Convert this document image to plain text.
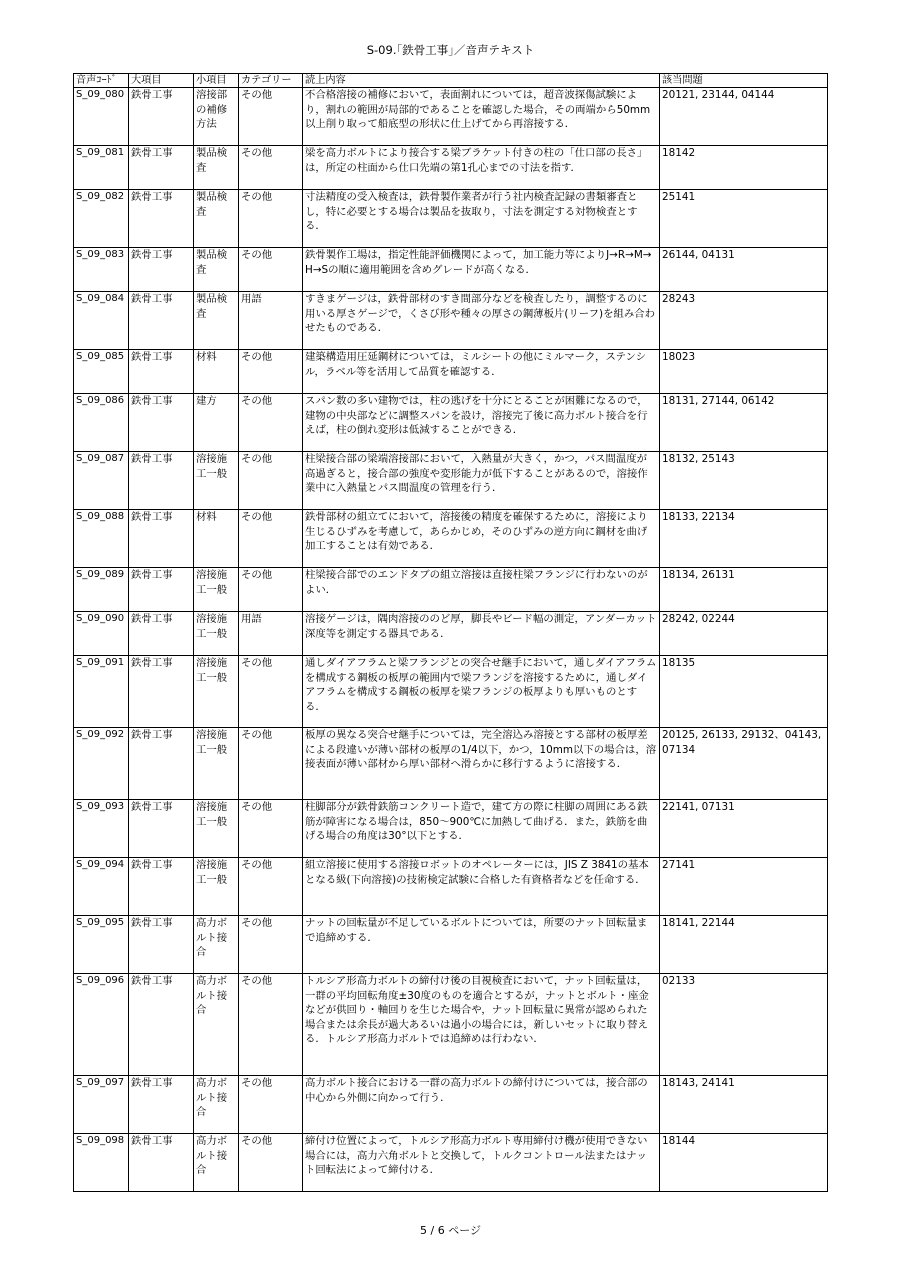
S-09.｢鉄骨工事｣／音声テキスト
音声ｺｰﾄﾞ	大項目	小項目	カテゴリー	読上内容	該当問題
S_09_080	鉄骨工事	溶接部の補修方法	その他	不合格溶接の補修において，表面割れについては，超音波探傷試験により，割れの範囲が局部的であることを確認した場合，その両端から50mm以上削り取って船底型の形状に仕上げてから再溶接する．	20121, 23144, 04144
S_09_081	鉄骨工事	製品検査	その他	梁を高力ボルトにより接合する梁ブラケット付きの柱の「仕口部の長さ」は，所定の柱面から仕口先端の第1孔心までの寸法を指す．	18142
S_09_082	鉄骨工事	製品検査	その他	寸法精度の受入検査は，鉄骨製作業者が行う社内検査記録の書類審査とし，特に必要とする場合は製品を抜取り，寸法を測定する対物検査とする．	25141
S_09_083	鉄骨工事	製品検査	その他	鉄骨製作工場は，指定性能評価機関によって，加工能力等によりJ→R→M→H→Sの順に適用範囲を含めグレードが高くなる．	26144, 04131
S_09_084	鉄骨工事	製品検査	用語	すきまゲージは，鉄骨部材のすき間部分などを検査したり，調整するのに用いる厚さゲージで，くさび形や種々の厚さの鋼薄板片(リーフ)を組み合わせたものである．	28243
S_09_085	鉄骨工事	材料	その他	建築構造用圧延鋼材については，ミルシートの他にミルマーク，ステンシル，ラベル等を活用して品質を確認する．	18023
S_09_086	鉄骨工事	建方	その他	スパン数の多い建物では，柱の逃げを十分にとることが困難になるので，建物の中央部などに調整スパンを設け，溶接完了後に高力ボルト接合を行えば，柱の倒れ変形は低減することができる．	18131, 27144, 06142
S_09_087	鉄骨工事	溶接施工一般	その他	柱梁接合部の梁端溶接部において，入熱量が大きく，かつ，パス間温度が高過ぎると，接合部の強度や変形能力が低下することがあるので，溶接作業中に入熱量とパス間温度の管理を行う．	18132, 25143
S_09_088	鉄骨工事	材料	その他	鉄骨部材の組立てにおいて，溶接後の精度を確保するために，溶接により生じるひずみを考慮して，あらかじめ，そのひずみの逆方向に鋼材を曲げ加工することは有効である．	18133, 22134
S_09_089	鉄骨工事	溶接施工一般	その他	柱梁接合部でのエンドタブの組立溶接は直接柱梁フランジに行わないのがよい．	18134, 26131
S_09_090	鉄骨工事	溶接施工一般	用語	溶接ゲージは，隅肉溶接ののど厚，脚長やビード幅の測定，アンダーカット深度等を測定する器具である．	28242, 02244
S_09_091	鉄骨工事	溶接施工一般	その他	通しダイアフラムと梁フランジとの突合せ継手において，通しダイアフラムを構成する鋼板の板厚の範囲内で梁フランジを溶接するために，通しダイアフラムを構成する鋼板の板厚を梁フランジの板厚よりも厚いものとする．	18135
S_09_092	鉄骨工事	溶接施工一般	その他	板厚の異なる突合せ継手については，完全溶込み溶接とする部材の板厚差による段違いが薄い部材の板厚の1/4以下，かつ，10mm以下の場合は，溶接表面が薄い部材から厚い部材へ滑らかに移行するように溶接する．	20125, 26133, 29132、04143, 07134
S_09_093	鉄骨工事	溶接施工一般	その他	柱脚部分が鉄骨鉄筋コンクリート造で，建て方の際に柱脚の周囲にある鉄筋が障害になる場合は，850～900℃に加熱して曲げる．また，鉄筋を曲げる場合の角度は30°以下とする．	22141, 07131
S_09_094	鉄骨工事	溶接施工一般	その他	組立溶接に使用する溶接ロボットのオペレーターには，JIS Z 3841の基本となる級(下向溶接)の技術検定試験に合格した有資格者などを任命する．	27141
S_09_095	鉄骨工事	高力ボルト接合	その他	ナットの回転量が不足しているボルトについては，所要のナット回転量まで追締めする．	18141, 22144
S_09_096	鉄骨工事	高力ボルト接合	その他	トルシア形高力ボルトの締付け後の目視検査において，ナット回転量は，一群の平均回転角度±30度のものを適合とするが，ナットとボルト・座金などが供回り・軸回りを生じた場合や，ナット回転量に異常が認められた場合または余長が過大あるいは過小の場合には，新しいセットに取り替える．トルシア形高力ボルトでは追締めは行わない．	02133
S_09_097	鉄骨工事	高力ボルト接合	その他	高力ボルト接合における一群の高力ボルトの締付けについては，接合部の中心から外側に向かって行う．	18143, 24141
S_09_098	鉄骨工事	高力ボルト接合	その他	締付け位置によって，トルシア形高力ボルト専用締付け機が使用できない場合には，高力六角ボルトと交換して，トルクコントロール法またはナット回転法によって締付ける．	18144
5 / 6 ページ
